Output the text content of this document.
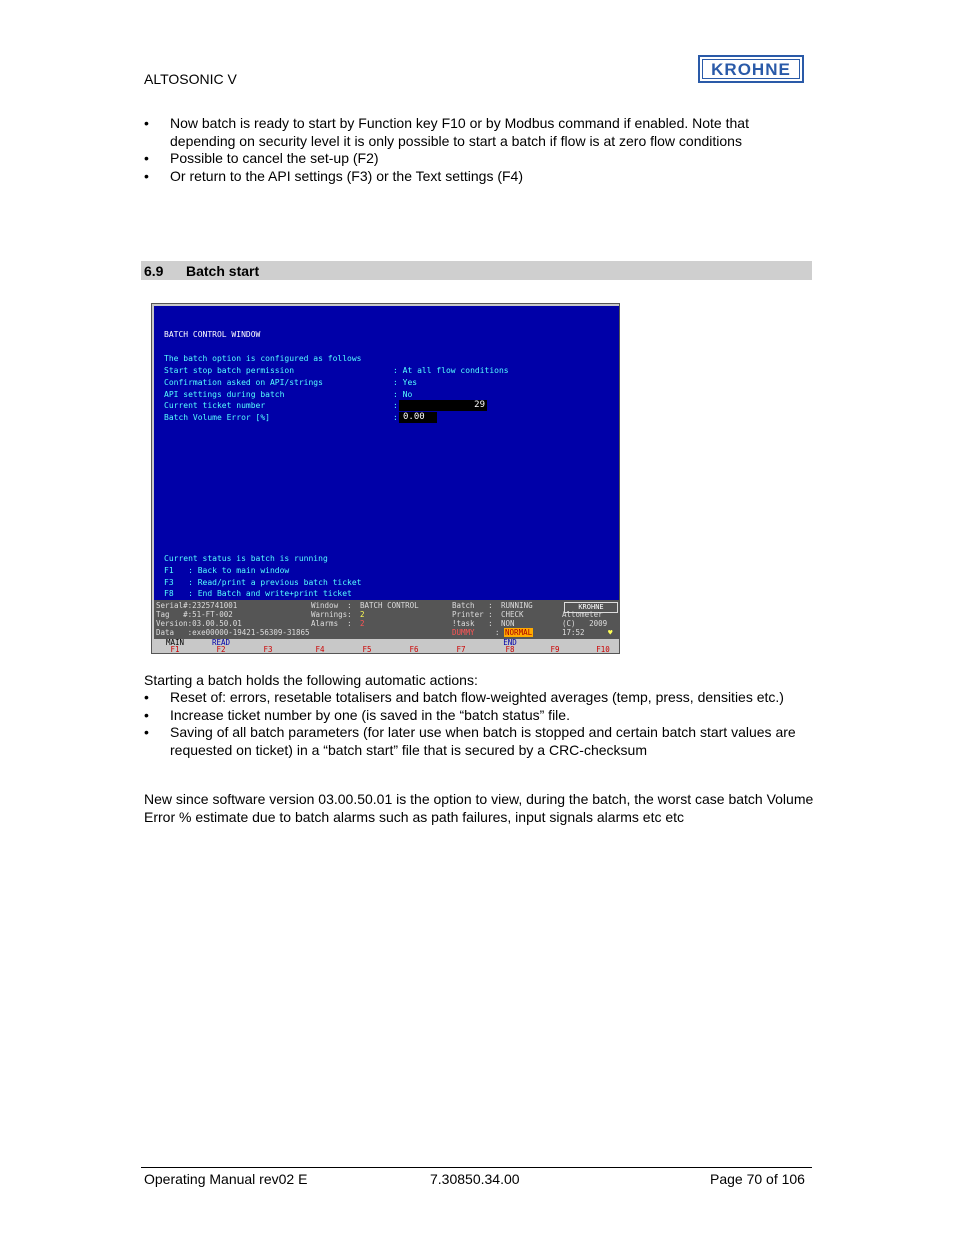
ALTOSONIC V	KROHNE
• Now batch is ready to start by Function key F10 or by Modbus command if enabled. Note that depending on security level it is only possible to start a batch if flow is at zero flow conditions
• Possible to cancel the set-up (F2)
• Or return to the API settings (F3) or the Text settings (F4)
6.9 Batch start
BATCH CONTROL WINDOW
The batch option is configured as follows
Start stop batch permission	: At all flow conditions
Confirmation asked on API/strings	: Yes
API settings during batch	: No
Current ticket number	:	29
Batch Volume Error [%]	: 0.00
Current status is batch is running
F1   : Back to main window
F3   : Read/print a previous batch ticket
F8   : End Batch and write+print ticket
Serial#:2325741001
Tag   #:51-FT-002
Version:03.00.50.01
Data   :exe00000-19421-56309-31865
Window  : BATCH CONTROL
Warnings: 2
Alarms  : 2
Batch   : RUNNING
Printer : CHECK
!task   : NON
DUMMY	: NORMAL
KROHNE
Altometer
(C)   2009
17:52	♥
MAIN
F1
READ
F2	F3	F4	F5	F6	F7
END
F8	F9	F10
Starting a batch holds the following automatic actions:
• Reset of: errors, resetable totalisers and batch flow-weighted averages (temp, press, densities etc.)
• Increase ticket number by one (is saved in the “batch status” file.
• Saving of all batch parameters (for later use when batch is stopped and certain batch start values are requested on ticket) in a “batch start” file that is secured by a CRC-checksum
New since software version 03.00.50.01 is the option to view, during the batch, the worst case batch Volume Error % estimate due to batch alarms such as path failures, input signals alarms etc etc
Operating Manual rev02 E	7.30850.34.00	Page 70 of 106
